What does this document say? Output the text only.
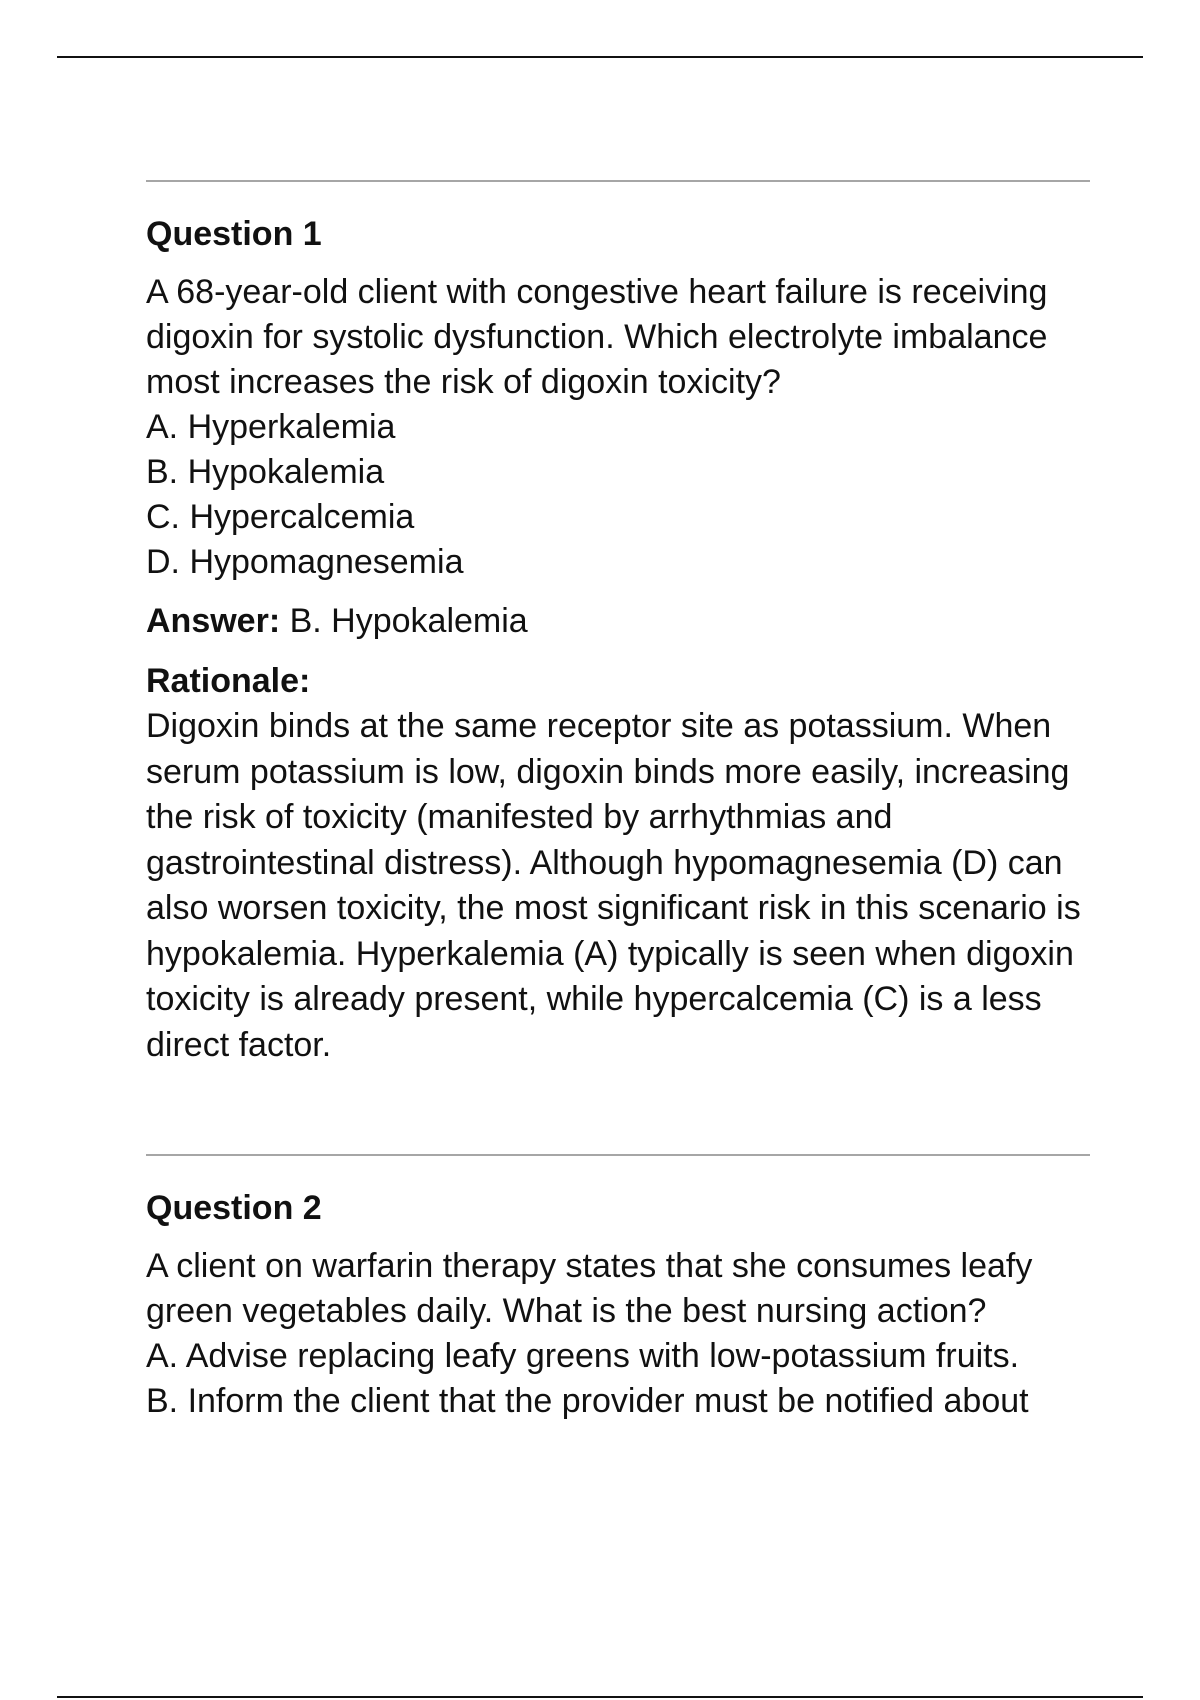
Question 1

A 68-year-old client with congestive heart failure is receiving digoxin for systolic dysfunction. Which electrolyte imbalance most increases the risk of digoxin toxicity?

A. Hyperkalemia
B. Hypokalemia
C. Hypercalcemia
D. Hypomagnesemia

Answer: B. Hypokalemia

Rationale:

Digoxin binds at the same receptor site as potassium. When serum potassium is low, digoxin binds more easily, increasing the risk of toxicity (manifested by arrhythmias and gastrointestinal distress). Although hypomagnesemia (D) can also worsen toxicity, the most significant risk in this scenario is hypokalemia. Hyperkalemia (A) typically is seen when digoxin toxicity is already present, while hypercalcemia (C) is a less direct factor.

Question 2

A client on warfarin therapy states that she consumes leafy green vegetables daily. What is the best nursing action?

A. Advise replacing leafy greens with low-potassium fruits.
B. Inform the client that the provider must be notified about
